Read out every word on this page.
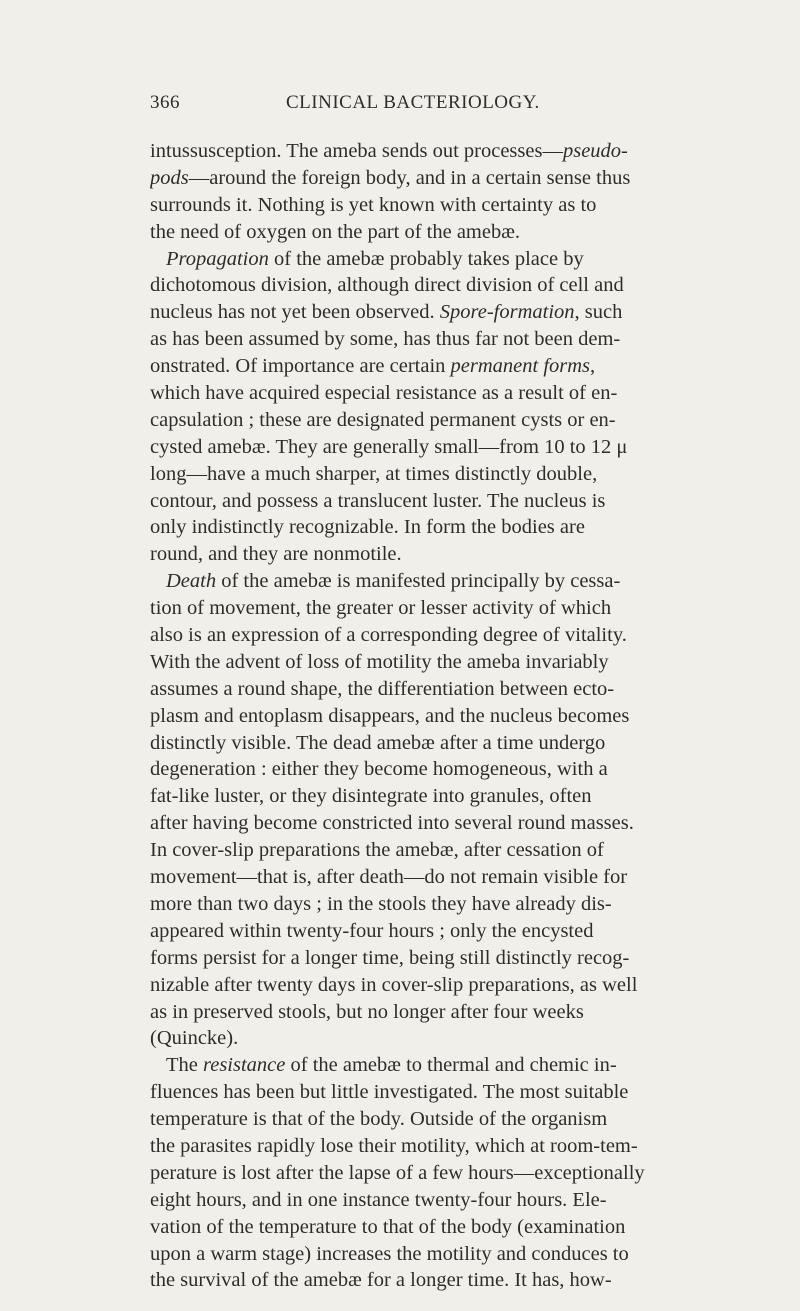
366	CLINICAL BACTERIOLOGY.
intussusception. The ameba sends out processes—pseudo-
pods—around the foreign body, and in a certain sense thus
surrounds it. Nothing is yet known with certainty as to
the need of oxygen on the part of the amebæ.
Propagation of the amebæ probably takes place by
dichotomous division, although direct division of cell and
nucleus has not yet been observed. Spore-formation, such
as has been assumed by some, has thus far not been dem-
onstrated. Of importance are certain permanent forms,
which have acquired especial resistance as a result of en-
capsulation ; these are designated permanent cysts or en-
cysted amebæ. They are generally small—from 10 to 12 μ
long—have a much sharper, at times distinctly double,
contour, and possess a translucent luster. The nucleus is
only indistinctly recognizable. In form the bodies are
round, and they are nonmotile.
Death of the amebæ is manifested principally by cessa-
tion of movement, the greater or lesser activity of which
also is an expression of a corresponding degree of vitality.
With the advent of loss of motility the ameba invariably
assumes a round shape, the differentiation between ecto-
plasm and entoplasm disappears, and the nucleus becomes
distinctly visible. The dead amebæ after a time undergo
degeneration : either they become homogeneous, with a
fat-like luster, or they disintegrate into granules, often
after having become constricted into several round masses.
In cover-slip preparations the amebæ, after cessation of
movement—that is, after death—do not remain visible for
more than two days ; in the stools they have already dis-
appeared within twenty-four hours ; only the encysted
forms persist for a longer time, being still distinctly recog-
nizable after twenty days in cover-slip preparations, as well
as in preserved stools, but no longer after four weeks
(Quincke).
The resistance of the amebæ to thermal and chemic in-
fluences has been but little investigated. The most suitable
temperature is that of the body. Outside of the organism
the parasites rapidly lose their motility, which at room-tem-
perature is lost after the lapse of a few hours—exceptionally
eight hours, and in one instance twenty-four hours. Ele-
vation of the temperature to that of the body (examination
upon a warm stage) increases the motility and conduces to
the survival of the amebæ for a longer time. It has, how-
